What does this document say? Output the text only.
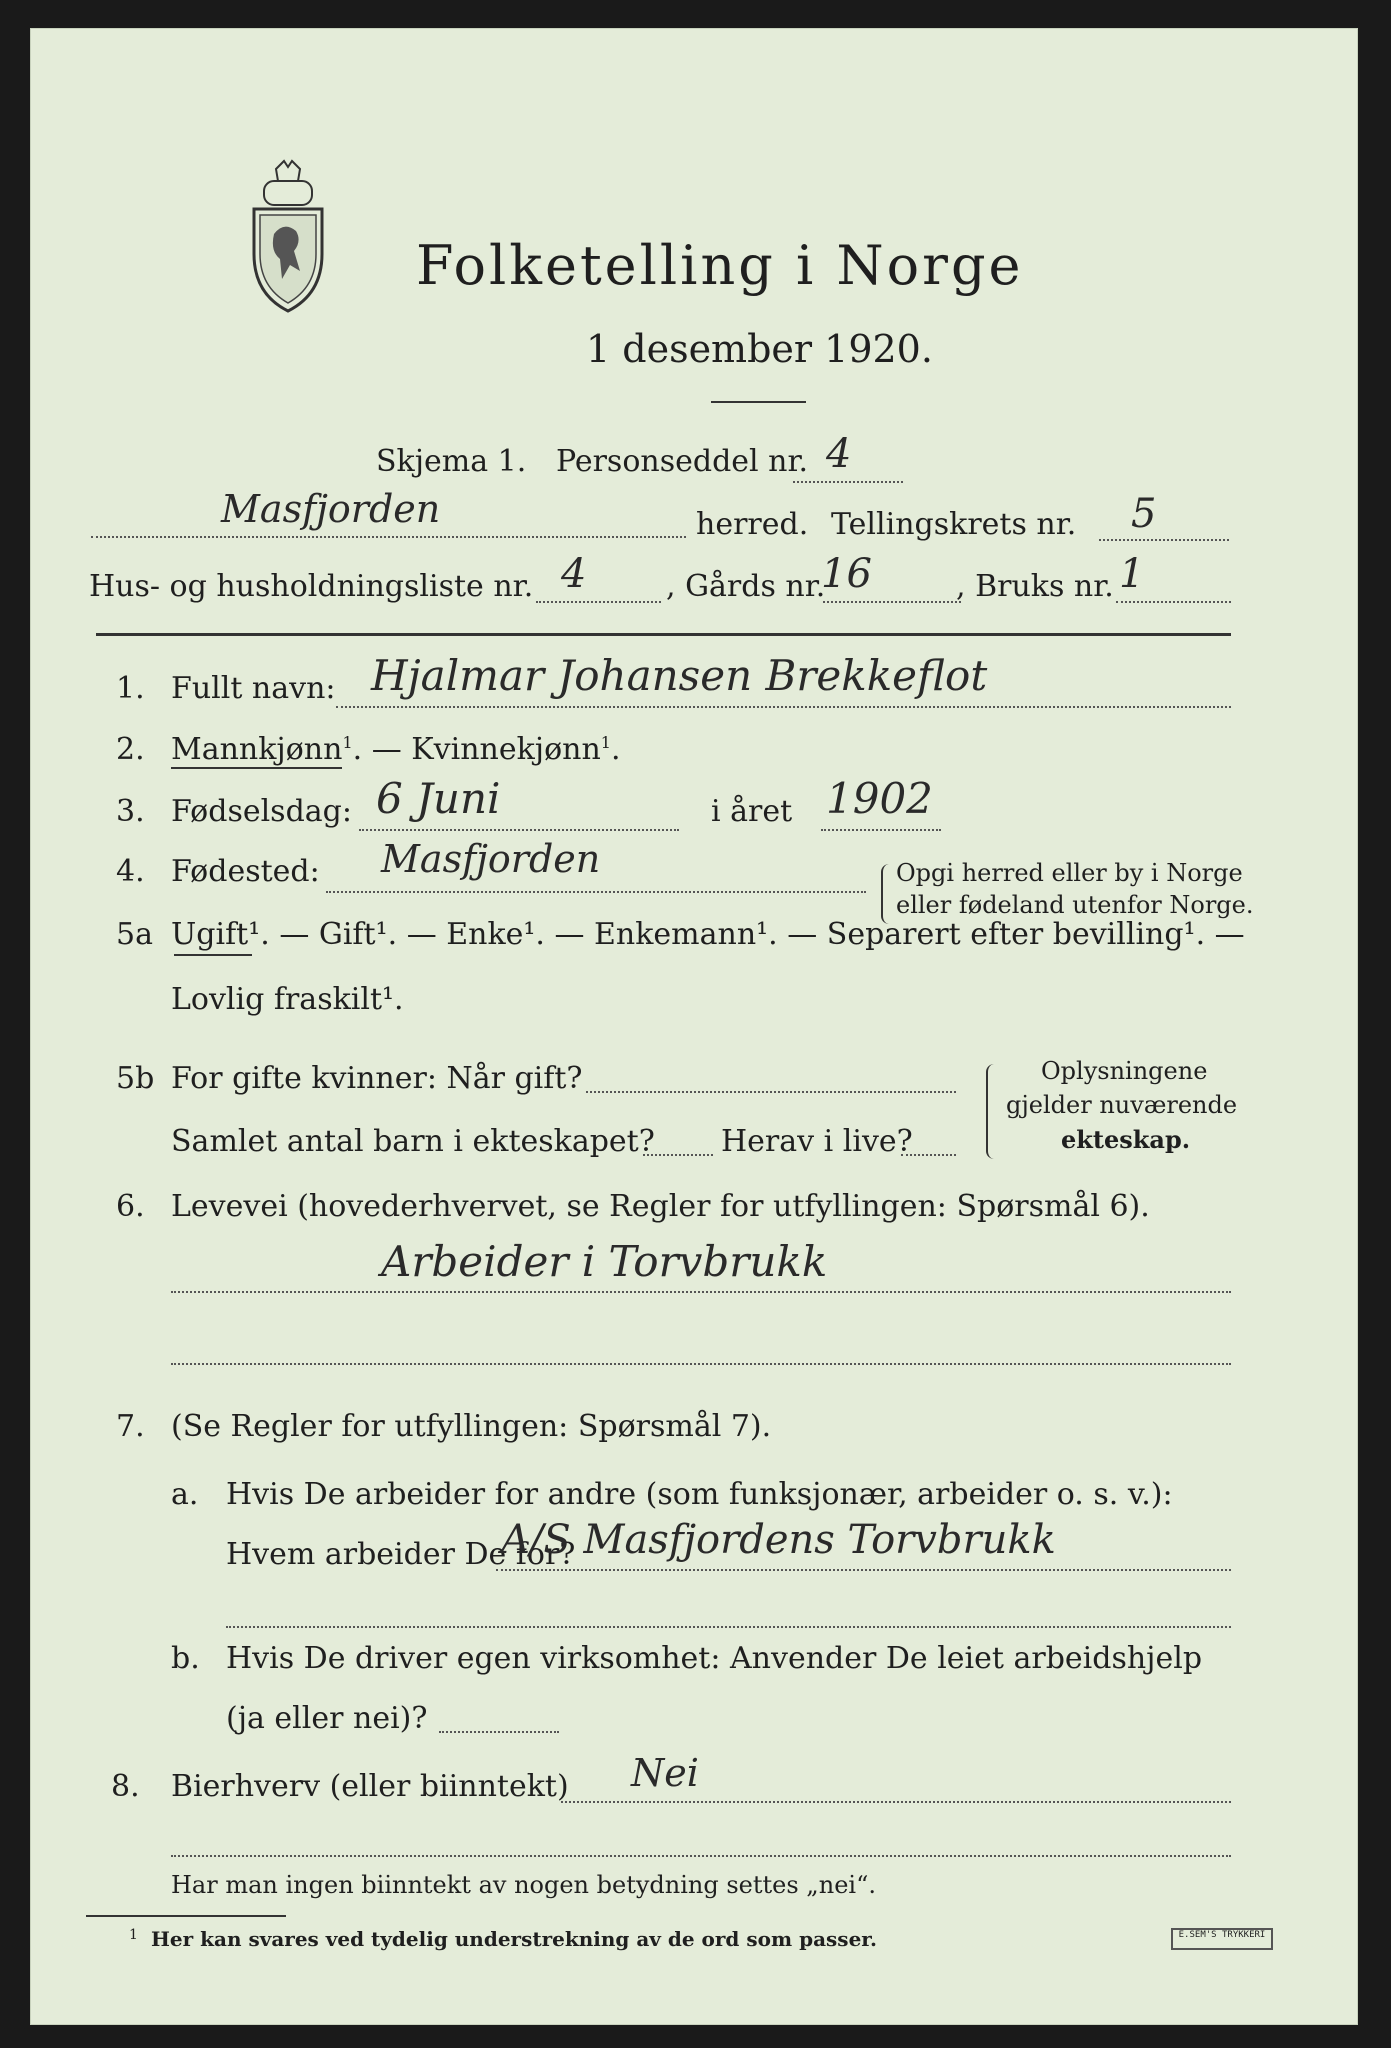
Folketelling i Norge
1 desember 1920.
Skjema 1. Personseddel nr. 4
Masfjorden	herred. Tellingskrets nr. 5
Hus- og husholdningsliste nr. 4	, Gårds nr.
16	, Bruks nr. 1
1. Fullt navn: Hjalmar Johansen Brekkeflot
2. Mannkjønn$^1$. — Kvinnekjønn$^1$.
3. Fødselsdag: 6 Juni	i året 1902
4. Fødested: Masfjorden	Opgi herred eller by i Norge
eller fødeland utenfor Norge.
5a Ugift¹. — Gift¹. — Enke¹. — Enkemann¹. — Separert efter bevilling¹. —
Lovlig fraskilt¹.
5b For gifte kvinner: Når gift?
Samlet antal barn i ekteskapet? Herav i live?
Oplysningene
gjelder nuværende
ekteskap.
6. Levevei (hovederhvervet, se Regler for utfyllingen: Spørsmål 6).
Arbeider i Torvbrukk
7. (Se Regler for utfyllingen: Spørsmål 7).
a. Hvis De arbeider for andre (som funksjonær, arbeider o. s. v.):
Hvem arbeider De for?
A/S Masfjordens Torvbrukk
b. Hvis De driver egen virksomhet: Anvender De leiet arbeidshjelp
(ja eller nei)?
8. Bierhverv (eller biinntekt) Nei
Har man ingen biinntekt av nogen betydning settes „nei“.
1 Her kan svares ved tydelig understrekning av de ord som passer.	E.SEM'S TRYKKERI
